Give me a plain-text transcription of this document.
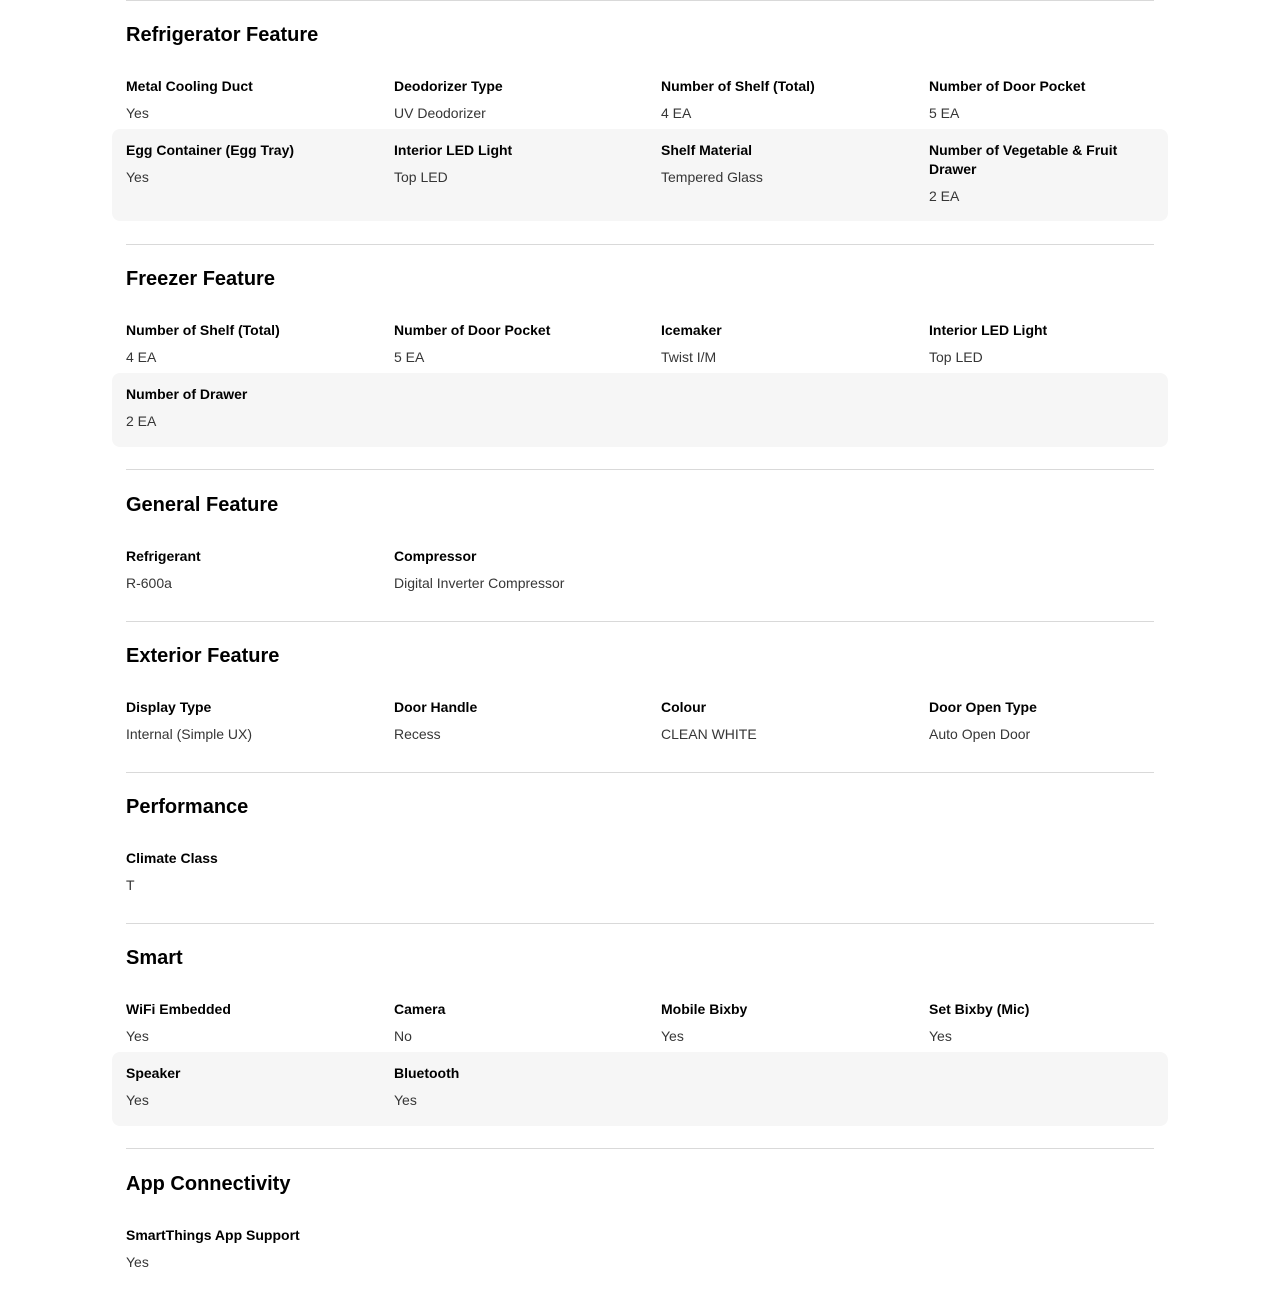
Refrigerator Feature
Metal Cooling Duct
Yes
Deodorizer Type
UV Deodorizer
Number of Shelf (Total)
4 EA
Number of Door Pocket
5 EA
Egg Container (Egg Tray)
Yes
Interior LED Light
Top LED
Shelf Material
Tempered Glass
Number of Vegetable & Fruit Drawer
2 EA
Freezer Feature
Number of Shelf (Total)
4 EA
Number of Door Pocket
5 EA
Icemaker
Twist I/M
Interior LED Light
Top LED
Number of Drawer
2 EA
General Feature
Refrigerant
R-600a
Compressor
Digital Inverter Compressor
Exterior Feature
Display Type
Internal (Simple UX)
Door Handle
Recess
Colour
CLEAN WHITE
Door Open Type
Auto Open Door
Performance
Climate Class
T
Smart
WiFi Embedded
Yes
Camera
No
Mobile Bixby
Yes
Set Bixby (Mic)
Yes
Speaker
Yes
Bluetooth
Yes
App Connectivity
SmartThings App Support
Yes
